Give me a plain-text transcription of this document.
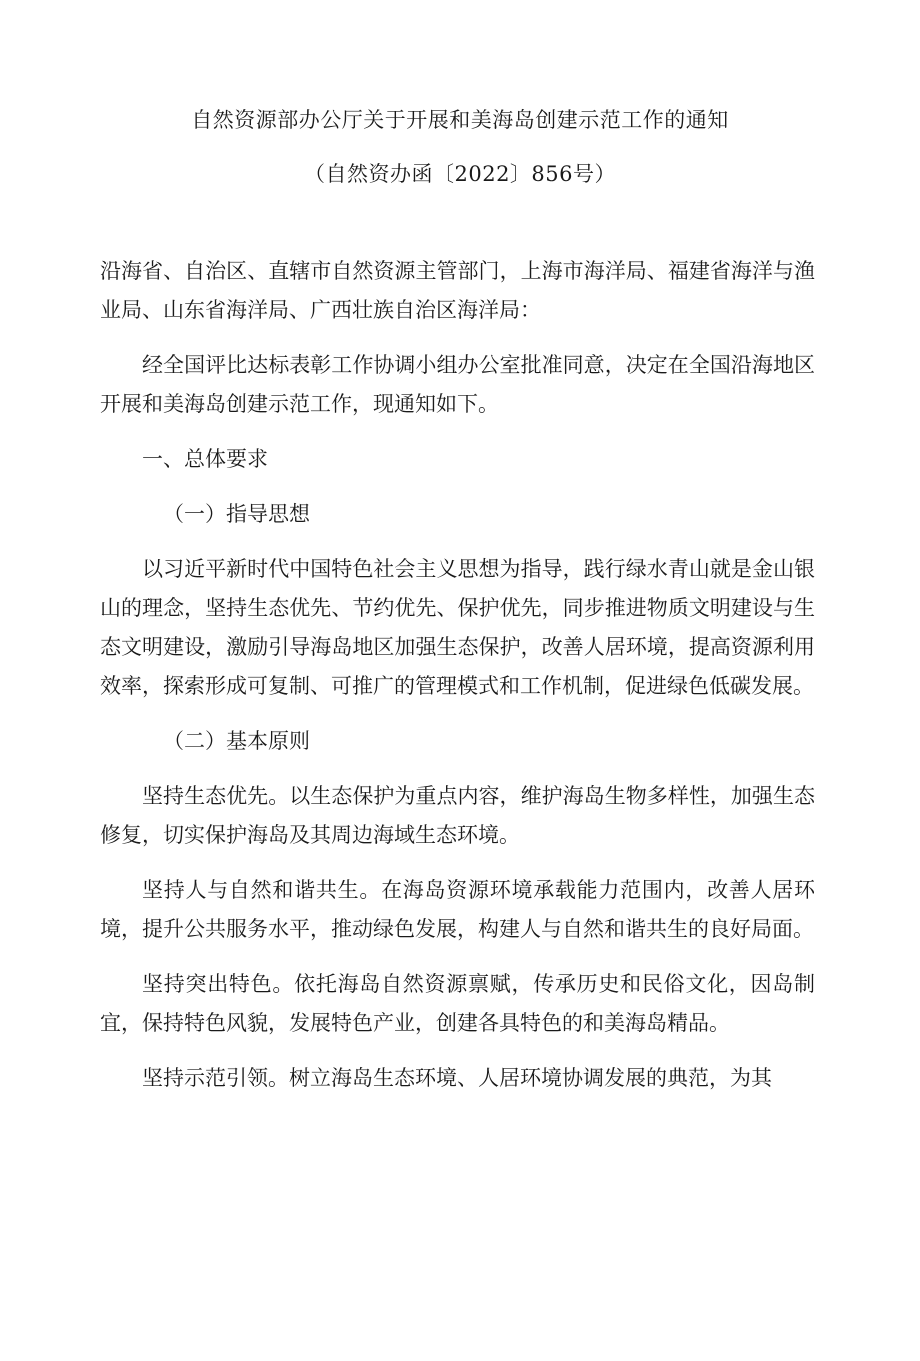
自然资源部办公厅关于开展和美海岛创建示范工作的通知
（自然资办函〔2022〕856号）

沿海省、自治区、直辖市自然资源主管部门，上海市海洋局、福建省海洋与渔业局、山东省海洋局、广西壮族自治区海洋局：

经全国评比达标表彰工作协调小组办公室批准同意，决定在全国沿海地区开展和美海岛创建示范工作，现通知如下。

一、总体要求

（一）指导思想

以习近平新时代中国特色社会主义思想为指导，践行绿水青山就是金山银山的理念，坚持生态优先、节约优先、保护优先，同步推进物质文明建设与生态文明建设，激励引导海岛地区加强生态保护，改善人居环境，提高资源利用效率，探索形成可复制、可推广的管理模式和工作机制，促进绿色低碳发展。

（二）基本原则

坚持生态优先。以生态保护为重点内容，维护海岛生物多样性，加强生态修复，切实保护海岛及其周边海域生态环境。

坚持人与自然和谐共生。在海岛资源环境承载能力范围内，改善人居环境，提升公共服务水平，推动绿色发展，构建人与自然和谐共生的良好局面。

坚持突出特色。依托海岛自然资源禀赋，传承历史和民俗文化，因岛制宜，保持特色风貌，发展特色产业，创建各具特色的和美海岛精品。

坚持示范引领。树立海岛生态环境、人居环境协调发展的典范，为其
